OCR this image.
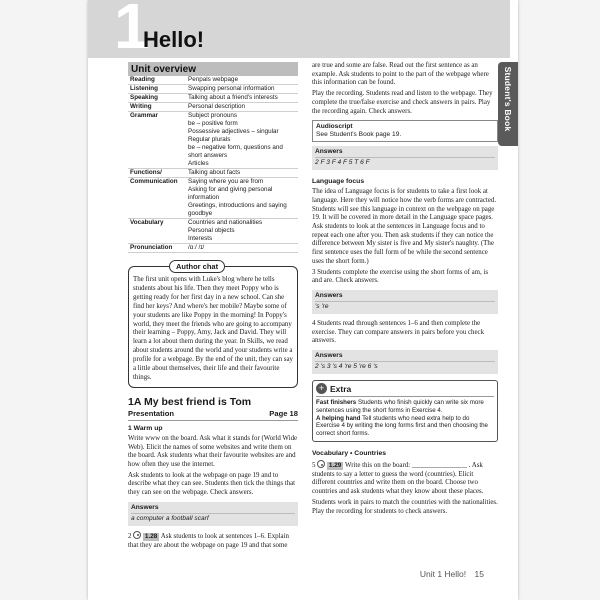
1
Hello!
Student's Book
Unit overview
Reading	Penpals webpage
Listening	Swapping personal information
Speaking	Talking about a friend's interests
Writing	Personal description
Grammar	Subject pronouns
	be – positive form
	Possessive adjectives – singular
	Regular plurals
	be – negative form, questions and short answers
	Articles
Functions/	Talking about facts
Communication	Saying where you are from
	Asking for and giving personal information
	Greetings, introductions and saying goodbye
Vocabulary	Countries and nationalities
	Personal objects
	Interests
Pronunciation	/ɑː/ /ɪ/
Author chat
The first unit opens with Luke's blog where he tells students about his life. Then they meet Poppy who is getting ready for her first day in a new school. Can she find her keys? And where's her mobile? Maybe some of your students are like Poppy in the morning! In Poppy's world, they meet the friends who are going to accompany their learning – Poppy, Amy, Jack and David. They will learn a lot about them during the year. In Skills, we read about students around the world and your students write a profile for a webpage. By the end of the unit, they can say a little about themselves, their life and their favourite things.
1A My best friend is Tom
Presentation	Page 18
1 Warm up

Write www on the board. Ask what it stands for (World Wide Web). Elicit the names of some websites and write them on the board. Ask students what their favourite websites are and how often they use the internet.

Ask students to look at the webpage on page 19 and to describe what they can see. Students then tick the things that they can see on the webpage. Check answers.

Answers
a computer a football scarf

2 1.28 Ask students to look at sentences 1–6. Explain that they are about the webpage on page 19 and that some

are true and some are false. Read out the first sentence as an example. Ask students to point to the part of the webpage where this information can be found.

Play the recording. Students read and listen to the webpage. They complete the true/false exercise and check answers in pairs. Play the recording again. Check answers.

Audioscript
See Student's Book page 19.
Answers
2 F 3 F 4 F 5 T 6 F
Language focus

The idea of Language focus is for students to take a first look at language. Here they will notice how the verb forms are contracted. Students will see this language in context on the webpage on page 19. It will be covered in more detail in the Language space pages. Ask students to look at the sentences in Language focus and to repeat each one after you. Then ask students if they can notice the difference between My sister is five and My sister's naughty. (The first sentence uses the full form of be while the second sentence uses the short form.)

3 Students complete the exercise using the short forms of am, is and are. Check answers.

Answers
's 're

4 Students read through sentences 1–6 and then complete the exercise. They can compare answers in pairs before you check answers.

Answers
2 's 3 's 4 're 5 're 6 's
+ Extra
Fast finishers Students who finish quickly can write six more sentences using the short forms in Exercise 4.
A helping hand Tell students who need extra help to do Exercise 4 by writing the long forms first and then choosing the correct short forms.
Vocabulary • Countries

5 1.29 Write this on the board: ________________ . Ask students to say a letter to guess the word (countries). Elicit different countries and write them on the board. Choose two countries and ask students what they know about these places.

Students work in pairs to match the countries with the nationalities. Play the recording for students to check answers.

Unit 1 Hello! 15
